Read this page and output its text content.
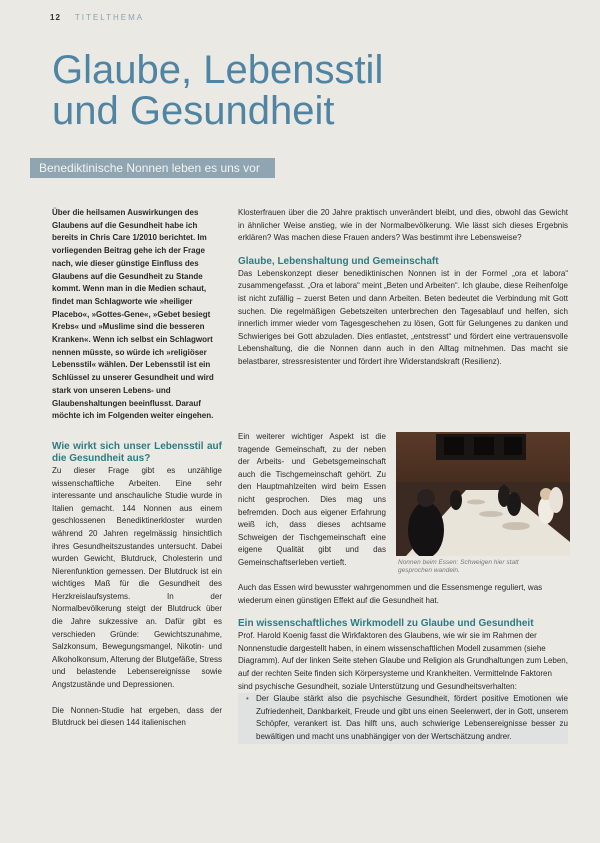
12 TITELTHEMA
Glaube, Lebensstil
und Gesundheit
Benediktinische Nonnen leben es uns vor

Über die heilsamen Auswirkungen des Glaubens auf die Gesundheit habe ich bereits in Chris Care 1/2010 berichtet. Im vorliegenden Beitrag gehe ich der Frage nach, wie dieser günstige Einfluss des Glaubens auf die Gesundheit zu Stande kommt. Wenn man in die Medien schaut, findet man Schlagworte wie »heiliger Placebo«, »Gottes-Gene«, »Gebet besiegt Krebs« und »Muslime sind die besseren Kranken«. Wenn ich selbst ein Schlagwort nennen müsste, so würde ich »religiöser Lebensstil« wählen. Der Lebensstil ist ein Schlüssel zu unserer Gesundheit und wird stark von unseren Lebens- und Glaubenshaltungen beeinflusst. Darauf möchte ich im Folgenden weiter eingehen.

Wie wirkt sich unser Lebensstil auf die Gesundheit aus?

Zu dieser Frage gibt es unzählige wissenschaftliche Arbeiten. Eine sehr interessante und anschauliche Studie wurde in Italien gemacht. 144 Nonnen aus einem geschlossenen Benediktinerkloster wurden während 20 Jahren regelmässig hinsichtlich ihres Gesundheitszustandes untersucht. Dabei wurden Gewicht, Blutdruck, Cholesterin und Nierenfunktion gemessen. Der Blutdruck ist ein wichtiges Maß für die Gesundheit des Herzkreislaufsystems. In der Normalbevölkerung steigt der Blutdruck über die Jahre sukzessive an. Dafür gibt es verschieden Gründe: Gewichtszunahme, Salzkonsum, Bewegungsmangel, Nikotin- und Alkoholkonsum, Alterung der Blutgefäße, Stress und belastende Lebensereignisse sowie Angstzustände und Depressionen.

Die Nonnen-Studie hat ergeben, dass der Blutdruck bei diesen 144 italienischen

Klosterfrauen über die 20 Jahre praktisch unverändert bleibt, und dies, obwohl das Gewicht in ähnlicher Weise anstieg, wie in der Normalbevölkerung. Wie lässt sich dieses Ergebnis erklären? Was machen diese Frauen anders? Was bestimmt ihre Lebensweise?

Glaube, Lebenshaltung und Gemeinschaft

Das Lebenskonzept dieser benediktinischen Nonnen ist in der Formel „ora et labora“ zusammengefasst. „Ora et labora“ meint „Beten und Arbeiten“. Ich glaube, diese Reihenfolge ist nicht zufällig – zuerst Beten und dann Arbeiten. Beten bedeutet die Verbindung mit Gott suchen. Die regelmäßigen Gebetszeiten unterbrechen den Tagesablauf und helfen, sich innerlich immer wieder vom Tagesgeschehen zu lösen, Gott für Gelungenes zu danken und Schwieriges bei Gott abzuladen. Dies entlastet, „entstresst“ und fördert eine vertrauensvolle Lebenshaltung, die die Nonnen dann auch in den Alltag mitnehmen. Das macht sie belastbarer, stressresistenter und fördert ihre Widerstandskraft (Resilienz).

Ein weiterer wichtiger Aspekt ist die tragende Gemeinschaft, zu der neben der Arbeits- und Gebetsgemeinschaft auch die Tischgemeinschaft gehört. Zu den Hauptmahlzeiten wird beim Essen nicht gesprochen. Dies mag uns befremden. Doch aus eigener Erfahrung weiß ich, dass dieses achtsame Schweigen der Tischgemeinschaft eine eigene Qualität gibt und das Gemeinschaftserleben vertieft.	Nonnen beim Essen: Schweigen hier statt gesprochen wandeln.

Auch das Essen wird bewusster wahrgenommen und die Essensmenge reguliert, was wiederum einen günstigen Effekt auf die Gesundheit hat.

Ein wissenschaftliches Wirkmodell zu Glaube und Gesundheit

Prof. Harold Koenig fasst die Wirkfaktoren des Glaubens, wie wir sie im Rahmen der Nonnenstudie dargestellt haben, in einem wissenschaftlichen Modell zusammen (siehe Diagramm). Auf der linken Seite stehen Glaube und Religion als Grundhaltungen zum Leben, auf der rechten Seite finden sich Körpersysteme und Krankheiten. Vermittelnde Faktoren sind psychische Gesundheit, soziale Unterstützung und Gesundheitsverhalten:

• Der Glaube stärkt also die psychische Gesundheit, fördert positive Emotionen wie Zufriedenheit, Dankbarkeit, Freude und gibt uns einen Seelenwert, der in Gott, unserem Schöpfer, verankert ist. Das hilft uns, auch schwierige Lebensereignisse besser zu bewältigen und macht uns unabhängiger von der Wertschätzung andrer.
